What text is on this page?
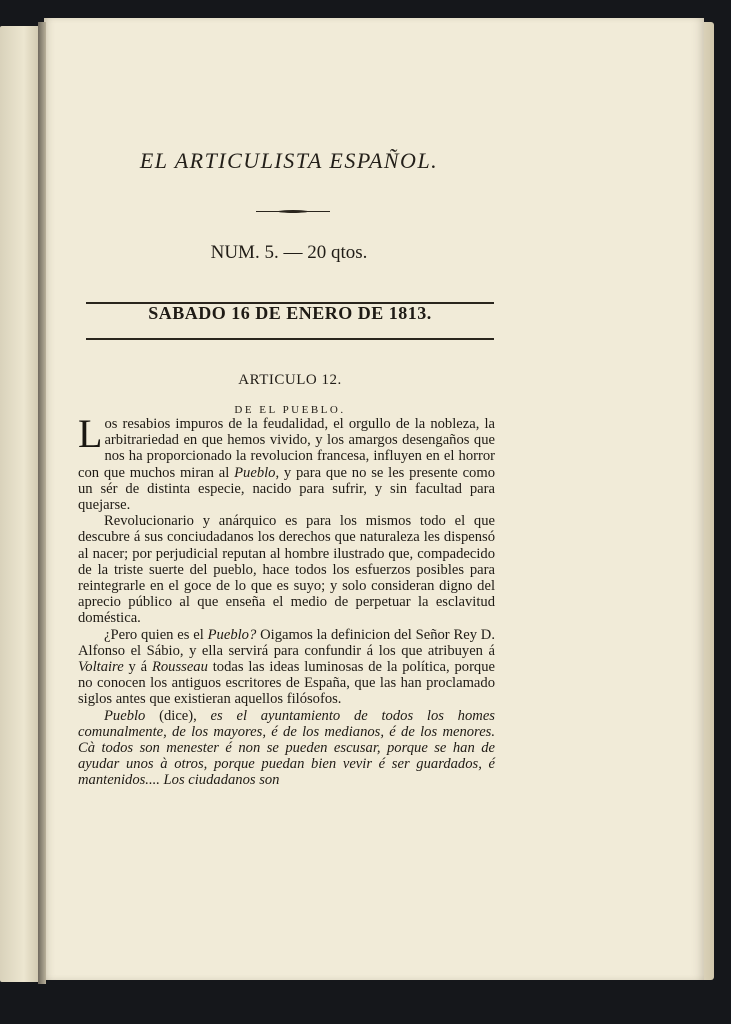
EL ARTICULISTA ESPAÑOL.
NUM. 5. — 20 qtos.
SABADO 16 DE ENERO DE 1813.
ARTICULO 12.
DE EL PUEBLO.

Los resabios impuros de la feudalidad, el orgullo de la nobleza, la arbitrariedad en que hemos vivido, y los amargos desengaños que nos ha proporcionado la revolucion francesa, influyen en el horror con que muchos miran al Pueblo, y para que no se les presente como un sér de distinta especie, nacido para sufrir, y sin facultad para quejarse.

Revolucionario y anárquico es para los mismos todo el que descubre á sus conciudadanos los derechos que naturaleza les dispensó al nacer; por perjudicial reputan al hombre ilustrado que, compadecido de la triste suerte del pueblo, hace todos los esfuerzos posibles para reintegrarle en el goce de lo que es suyo; y solo consideran digno del aprecio público al que enseña el medio de perpetuar la esclavitud doméstica.

¿Pero quien es el Pueblo? Oigamos la definicion del Señor Rey D. Alfonso el Sábio, y ella servirá para confundir á los que atribuyen á Voltaire y á Rousseau todas las ideas luminosas de la política, porque no conocen los antiguos escritores de España, que las han proclamado siglos antes que existieran aquellos filósofos.

Pueblo (dice), es el ayuntamiento de todos los homes comunalmente, de los mayores, é de los medianos, é de los menores. Cà todos son menester é non se pueden escusar, porque se han de ayudar unos à otros, porque puedan bien vevir é ser guardados, é mantenidos.... Los ciudadanos son
